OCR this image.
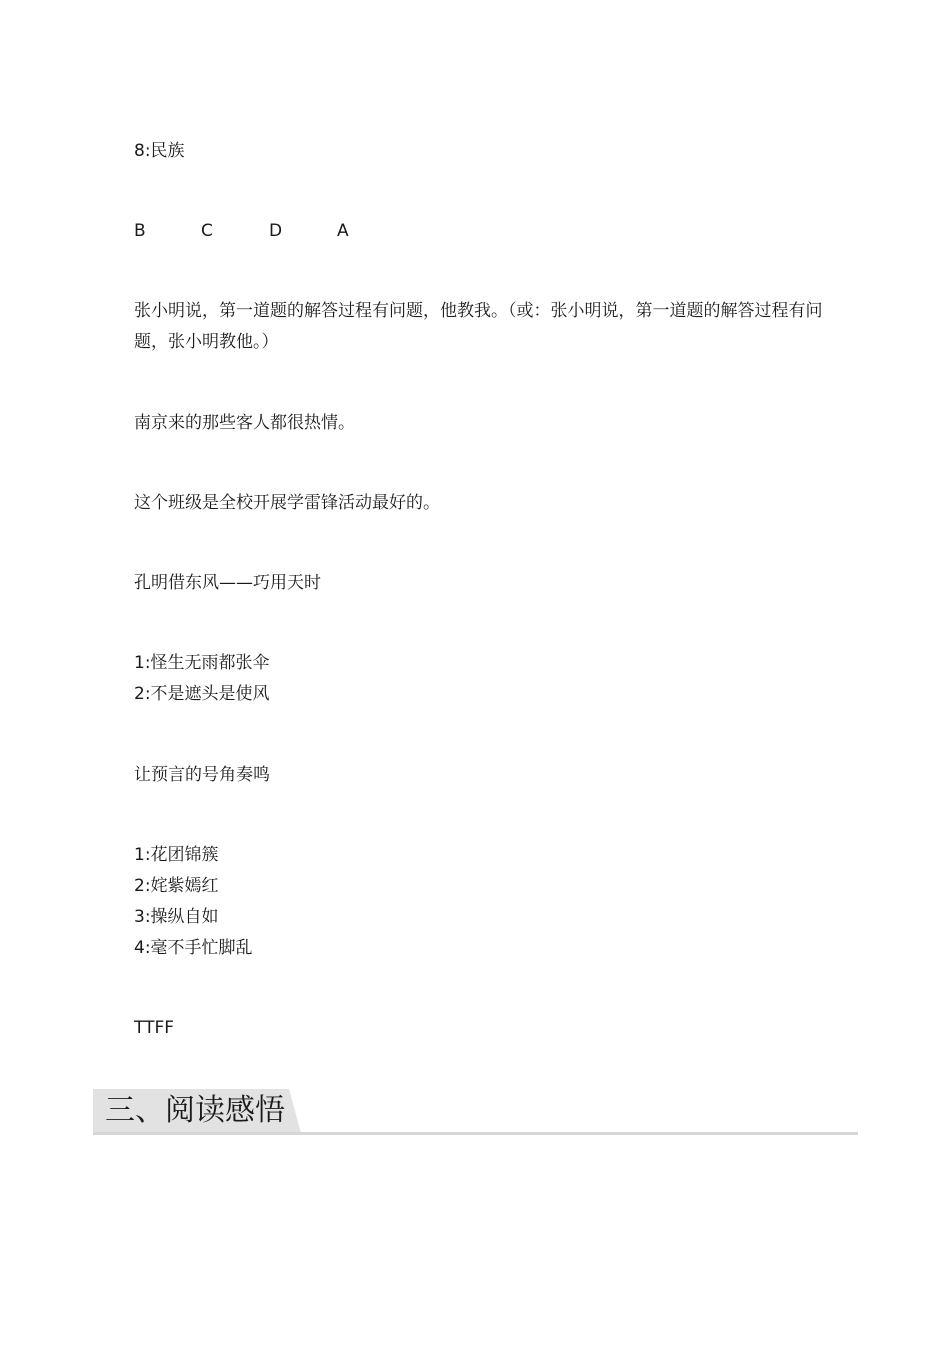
8:民族
B	C	D	A

张小明说，第一道题的解答过程有问题，他教我。（或：张小明说，第一道题的解答过程有问题，张小明教他。）

南京来的那些客人都很热情。
这个班级是全校开展学雷锋活动最好的。
孔明借东风——巧用天时

1:怪生无雨都张伞

2:不是遮头是使风

让预言的号角奏鸣

1:花团锦簇

2:姹紫嫣红

3:操纵自如

4:毫不手忙脚乱

TTFF
三、阅读感悟
